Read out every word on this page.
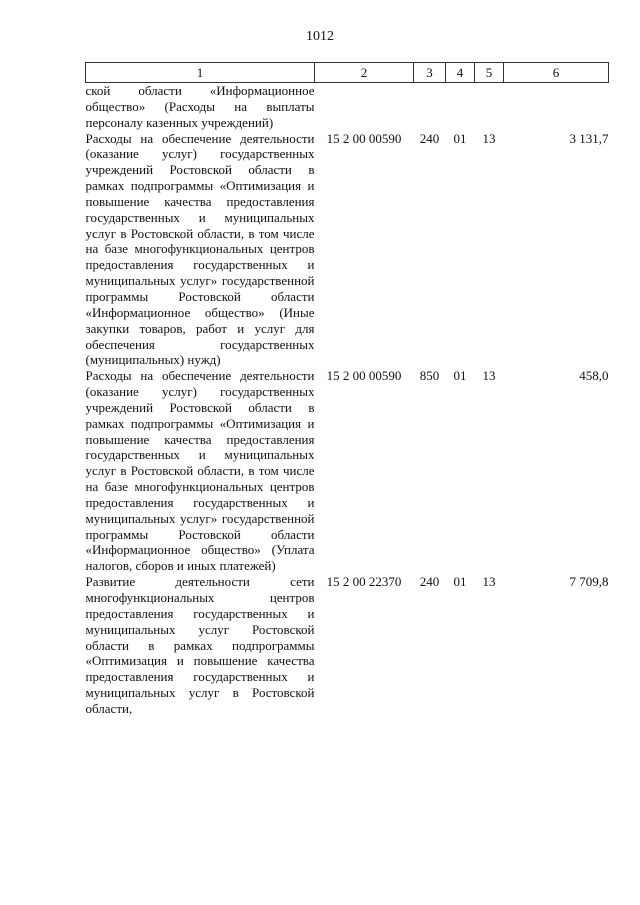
1012
1	2	3	4	5	6
ской области «Информационное общество» (Расходы на выплаты персоналу казенных учреждений)					
Расходы на обеспечение деятельности (оказание услуг) государственных учреждений Ростовской области в рамках подпрограммы «Оптимизация и повышение качества предоставления государственных и муниципальных услуг в Ростовской области, в том числе на базе многофункциональных центров предоставления государственных и муниципальных услуг» государственной программы Ростовской области «Информационное общество» (Иные закупки товаров, работ и услуг для обеспечения государственных (муниципальных) нужд)	15 2 00 00590	240	01	13	3 131,7
Расходы на обеспечение деятельности (оказание услуг) государственных учреждений Ростовской области в рамках подпрограммы «Оптимизация и повышение качества предоставления государственных и муниципальных услуг в Ростовской области, в том числе на базе многофункциональных центров предоставления государственных и муниципальных услуг» государственной программы Ростовской области «Информационное общество» (Уплата налогов, сборов и иных платежей)	15 2 00 00590	850	01	13	458,0
Развитие деятельности сети многофункциональных центров предоставления государственных и муниципальных услуг Ростовской области в рамках подпрограммы «Оптимизация и повышение качества предоставления государственных и муниципальных услуг в Ростовской области,	15 2 00 22370	240	01	13	7 709,8
